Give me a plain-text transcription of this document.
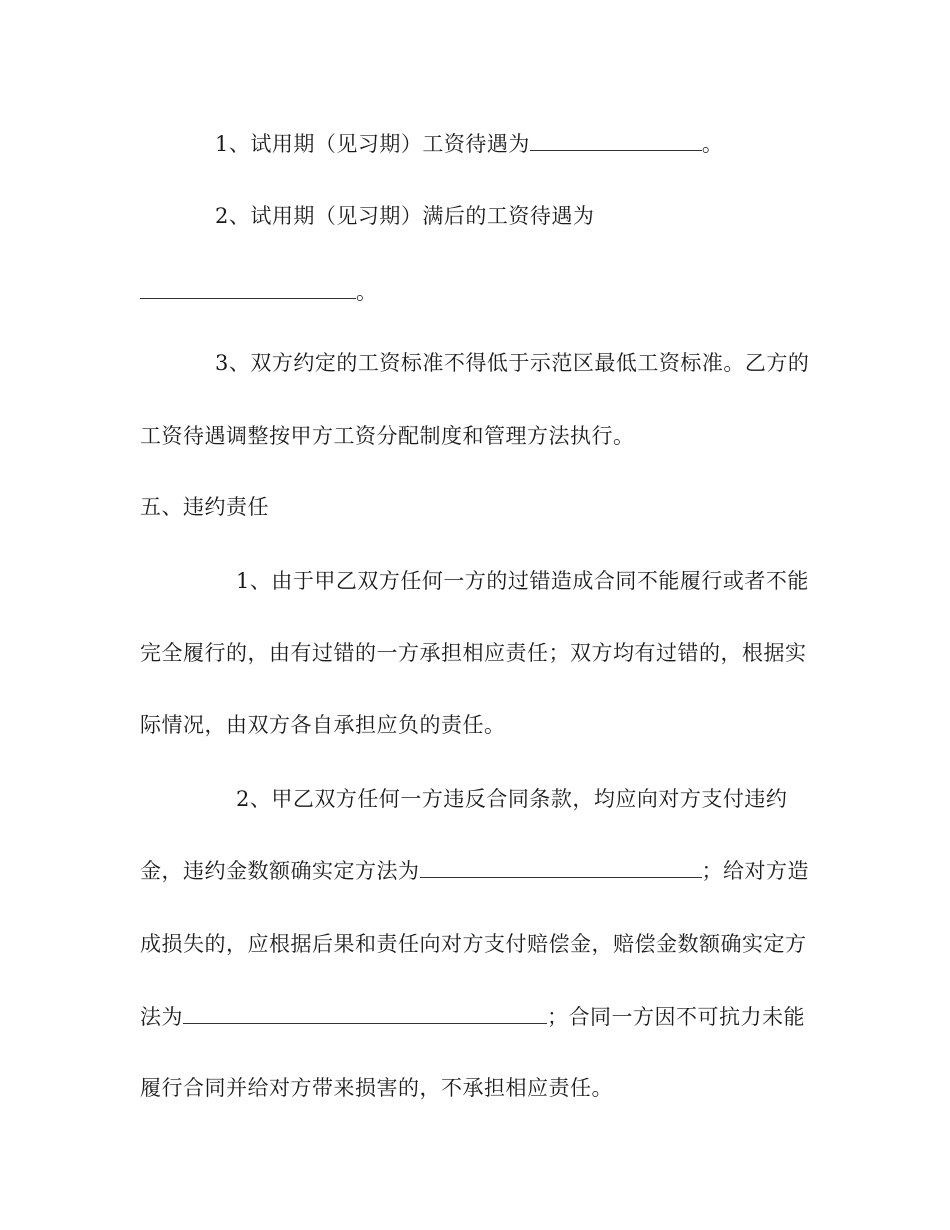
1、试用期（见习期）工资待遇为	。
2、试用期（见习期）满后的工资待遇为
。
3、双方约定的工资标准不得低于示范区最低工资标准。乙方的
工资待遇调整按甲方工资分配制度和管理方法执行。
五、违约责任
1、由于甲乙双方任何一方的过错造成合同不能履行或者不能
完全履行的，由有过错的一方承担相应责任；双方均有过错的，根据实
际情况，由双方各自承担应负的责任。
2、甲乙双方任何一方违反合同条款，均应向对方支付违约
金，违约金数额确实定方法为	；给对方造
成损失的，应根据后果和责任向对方支付赔偿金，赔偿金数额确实定方
法为	；合同一方因不可抗力未能
履行合同并给对方带来损害的，不承担相应责任。
